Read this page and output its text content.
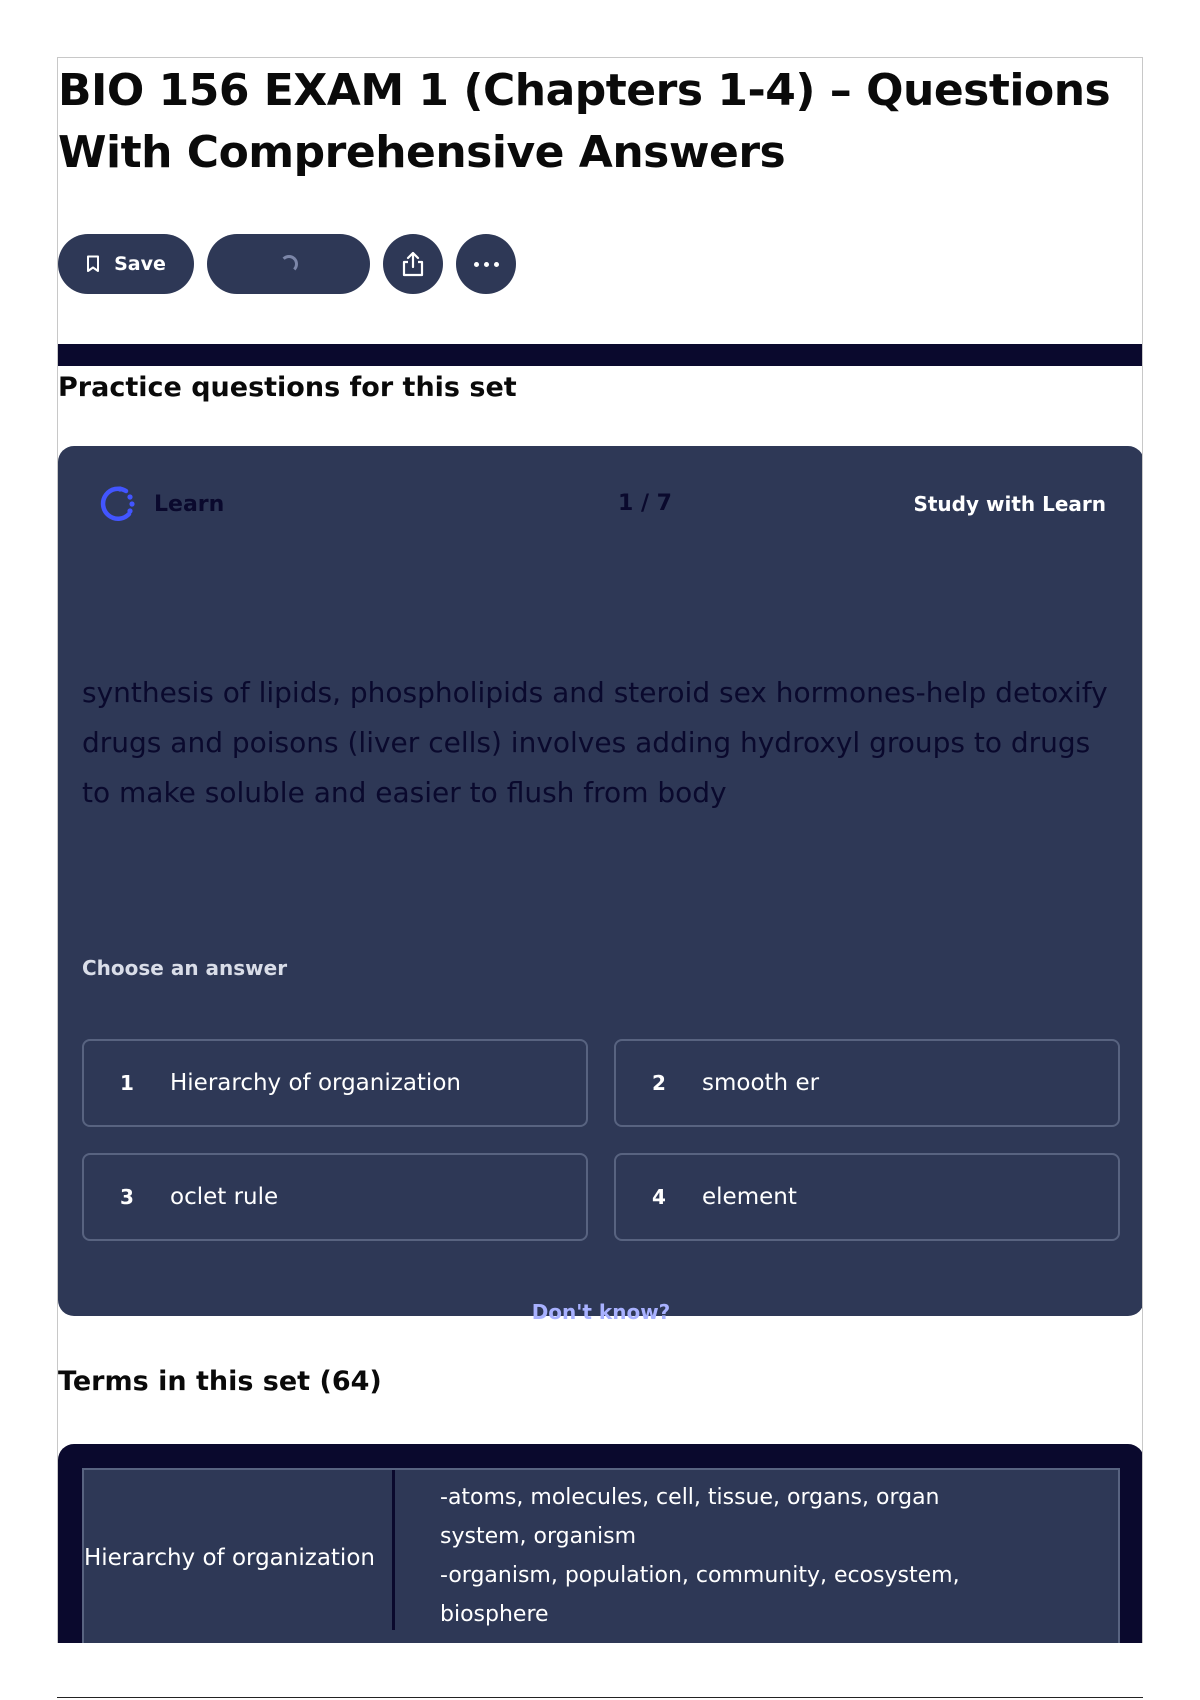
BIO 156 EXAM 1 (Chapters 1-4) – Questions With Comprehensive Answers
Save
Practice questions for this set
Learn	1 / 7	Study with Learn

synthesis of lipids, phospholipids and steroid sex hormones-help detoxify drugs and poisons (liver cells) involves adding hydroxyl groups to drugs to make soluble and easier to flush from body

Choose an answer
1	Hierarchy of organization	2	smooth er
3	oclet rule	4	element
Don't know?
Terms in this set (64)
Hierarchy of organization

-atoms, molecules, cell, tissue, organs, organ
system, organism
-organism, population, community, ecosystem,
biosphere
